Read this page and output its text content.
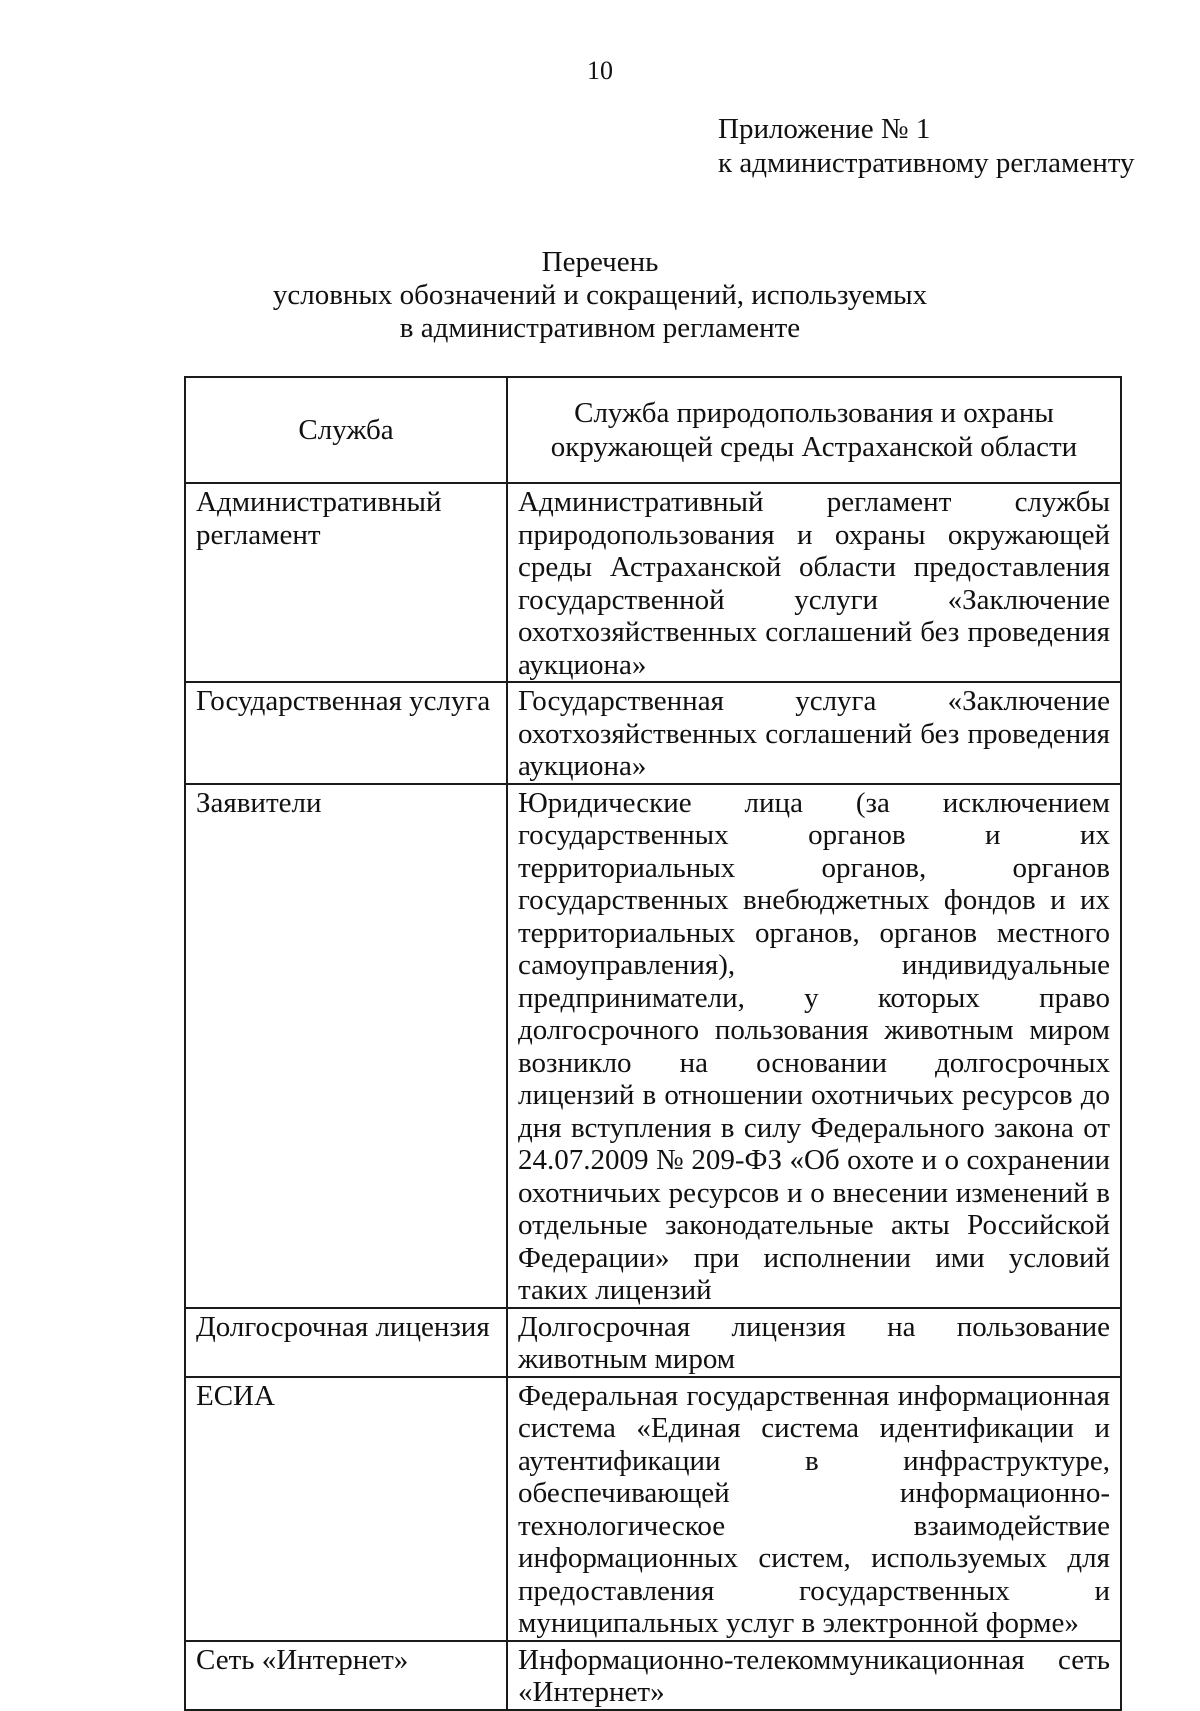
10
Приложение № 1
к административному регламенту
Перечень
условных обозначений и сокращений, используемых
в административном регламенте
Служба	Служба природопользования и охраны окружающей среды Астраханской области
Административный регламент	Административный регламент службы природопользования и охраны окружающей среды Астраханской области предоставления государственной услуги «Заключение охотхозяйственных соглашений без проведения аукциона»
Государственная услуга	Государственная услуга «Заключение охотхозяйственных соглашений без проведения аукциона»
Заявители	Юридические лица (за исключением государственных органов и их территориальных органов, органов государственных внебюджетных фондов и их территориальных органов, органов местного самоуправления), индивидуальные предприниматели, у которых право долгосрочного пользования животным миром возникло на основании долгосрочных лицензий в отношении охотничьих ресурсов до дня вступления в силу Федерального закона от 24.07.2009 № 209-ФЗ «Об охоте и о сохранении охотничьих ресурсов и о внесении изменений в отдельные законодательные акты Российской Федерации» при исполнении ими условий таких лицензий
Долгосрочная лицензия	Долгосрочная лицензия на пользование животным миром
ЕСИА	Федеральная государственная информационная система «Единая система идентификации и аутентификации в инфраструктуре, обеспечивающей информационно-технологическое взаимодействие информационных систем, используемых для предоставления государственных и муниципальных услуг в электронной форме»
Сеть «Интернет»	Информационно-телекоммуникационная сеть «Интернет»
